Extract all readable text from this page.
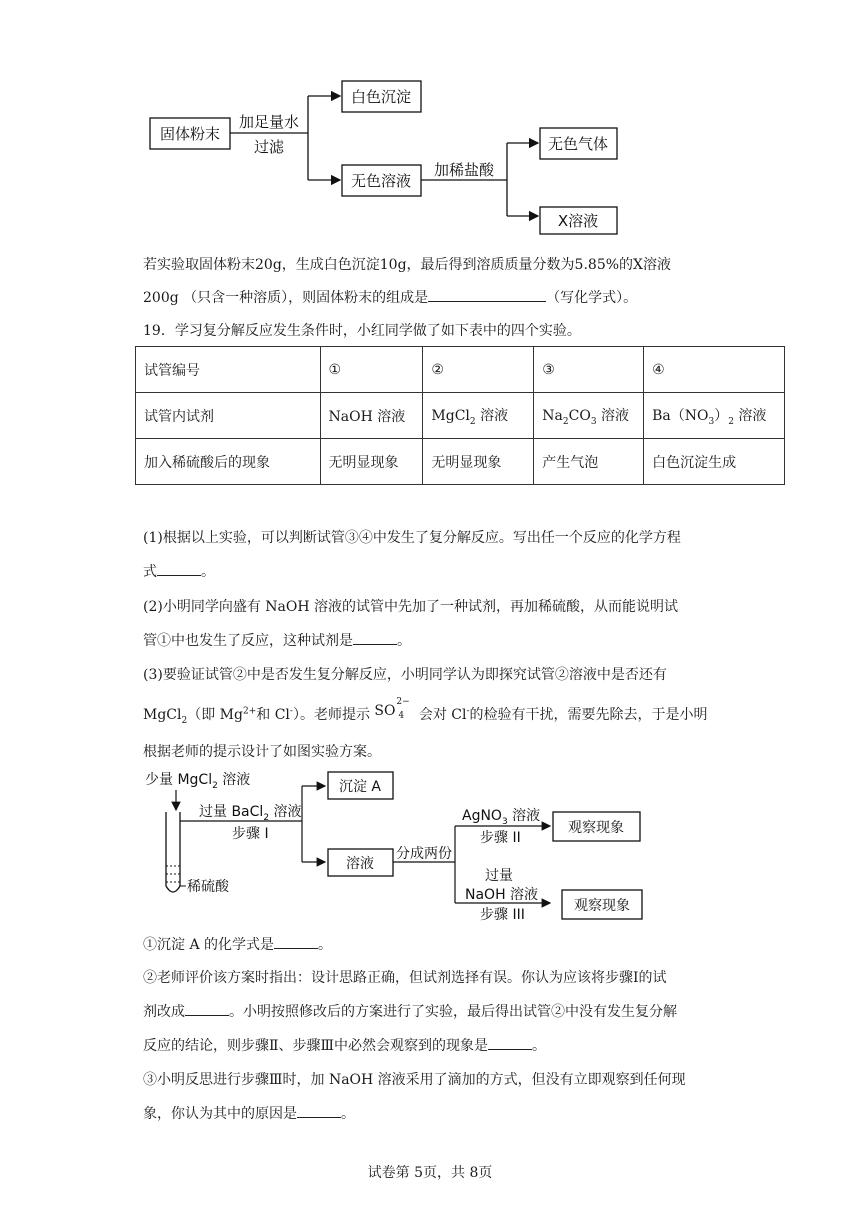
固体粉末
加足量水
过滤
白色沉淀
无色溶液
加稀盐酸
无色气体
X溶液
若实验取固体粉末20g，生成白色沉淀10g，最后得到溶质质量分数为5.85%的X溶液
200g （只含一种溶质），则固体粉末的组成是	（写化学式）。
19．学习复分解反应发生条件时，小红同学做了如下表中的四个实验。
试管编号	①	②	③	④
试管内试剂	NaOH 溶液	MgCl$_2$ 溶液	$Na_2CO_3$ 溶液	$Ba(NO_3)_2$ 溶液
加入稀硫酸后的现象	无明显现象	无明显现象	产生气泡	白色沉淀生成
(1)根据以上实验，可以判断试管③④中发生了复分解反应。写出任一个反应的化学方程
式	。
(2)小明同学向盛有 NaOH 溶液的试管中先加了一种试剂，再加稀硫酸，从而能说明试
管①中也发生了反应，这种试剂是	。
(3)要验证试管②中是否发生复分解反应，小明同学认为即探究试管②溶液中是否还有
MgCl$_2$（即 $Mg^{2+}$和 Cl-）。老师提示 SO
2−
4 会对 Cl-的检验有干扰，需要先除去，于是小明
根据老师的提示设计了如图实验方案。
少量 MgCl$_2$ 溶液
稀硫酸
过量 BaCl$_2$ 溶液
步骤 I
沉淀 A
溶液
分成两份
AgNO$_3$ 溶液
步骤 II
过量
NaOH 溶液
步骤 III
观察现象
观察现象
①沉淀 A 的化学式是	。
②老师评价该方案时指出：设计思路正确，但试剂选择有误。你认为应该将步骤Ⅰ的试
剂改成	。小明按照修改后的方案进行了实验，最后得出试管②中没有发生复分解
反应的结论，则步骤Ⅱ、步骤Ⅲ中必然会观察到的现象是	。
③小明反思进行步骤Ⅲ时，加 NaOH 溶液采用了滴加的方式，但没有立即观察到任何现
象，你认为其中的原因是	。
试卷第 5页，共 8页
